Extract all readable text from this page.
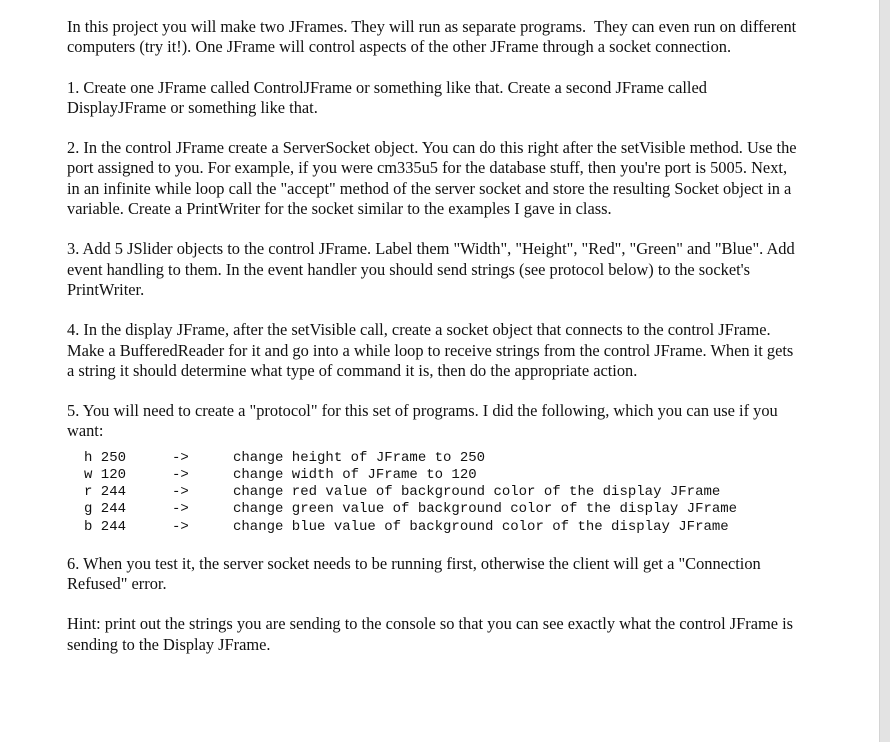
In this project you will make two JFrames. They will run as separate programs.  They can even run on different computers (try it!). One JFrame will control aspects of the other JFrame through a socket connection.

1. Create one JFrame called ControlJFrame or something like that. Create a second JFrame called DisplayJFrame or something like that.

2. In the control JFrame create a ServerSocket object. You can do this right after the setVisible method. Use the port assigned to you. For example, if you were cm335u5 for the database stuff, then you're port is 5005. Next, in an infinite while loop call the "accept" method of the server socket and store the resulting Socket object in a variable. Create a PrintWriter for the socket similar to the examples I gave in class.

3. Add 5 JSlider objects to the control JFrame. Label them "Width", "Height", "Red", "Green" and "Blue". Add event handling to them. In the event handler you should send strings (see protocol below) to the socket's PrintWriter.

4. In the display JFrame, after the setVisible call, create a socket object that connects to the control JFrame. Make a BufferedReader for it and go into a while loop to receive strings from the control JFrame. When it gets a string it should determine what type of command it is, then do the appropriate action.

5. You will need to create a "protocol" for this set of programs. I did the following, which you can use if you want:

h 250	->	change height of JFrame to 250
w 120	->	change width of JFrame to 120
r 244	->	change red value of background color of the display JFrame
g 244	->	change green value of background color of the display JFrame
b 244	->	change blue value of background color of the display JFrame

6. When you test it, the server socket needs to be running first, otherwise the client will get a "Connection Refused" error.

Hint: print out the strings you are sending to the console so that you can see exactly what the control JFrame is sending to the Display JFrame.
